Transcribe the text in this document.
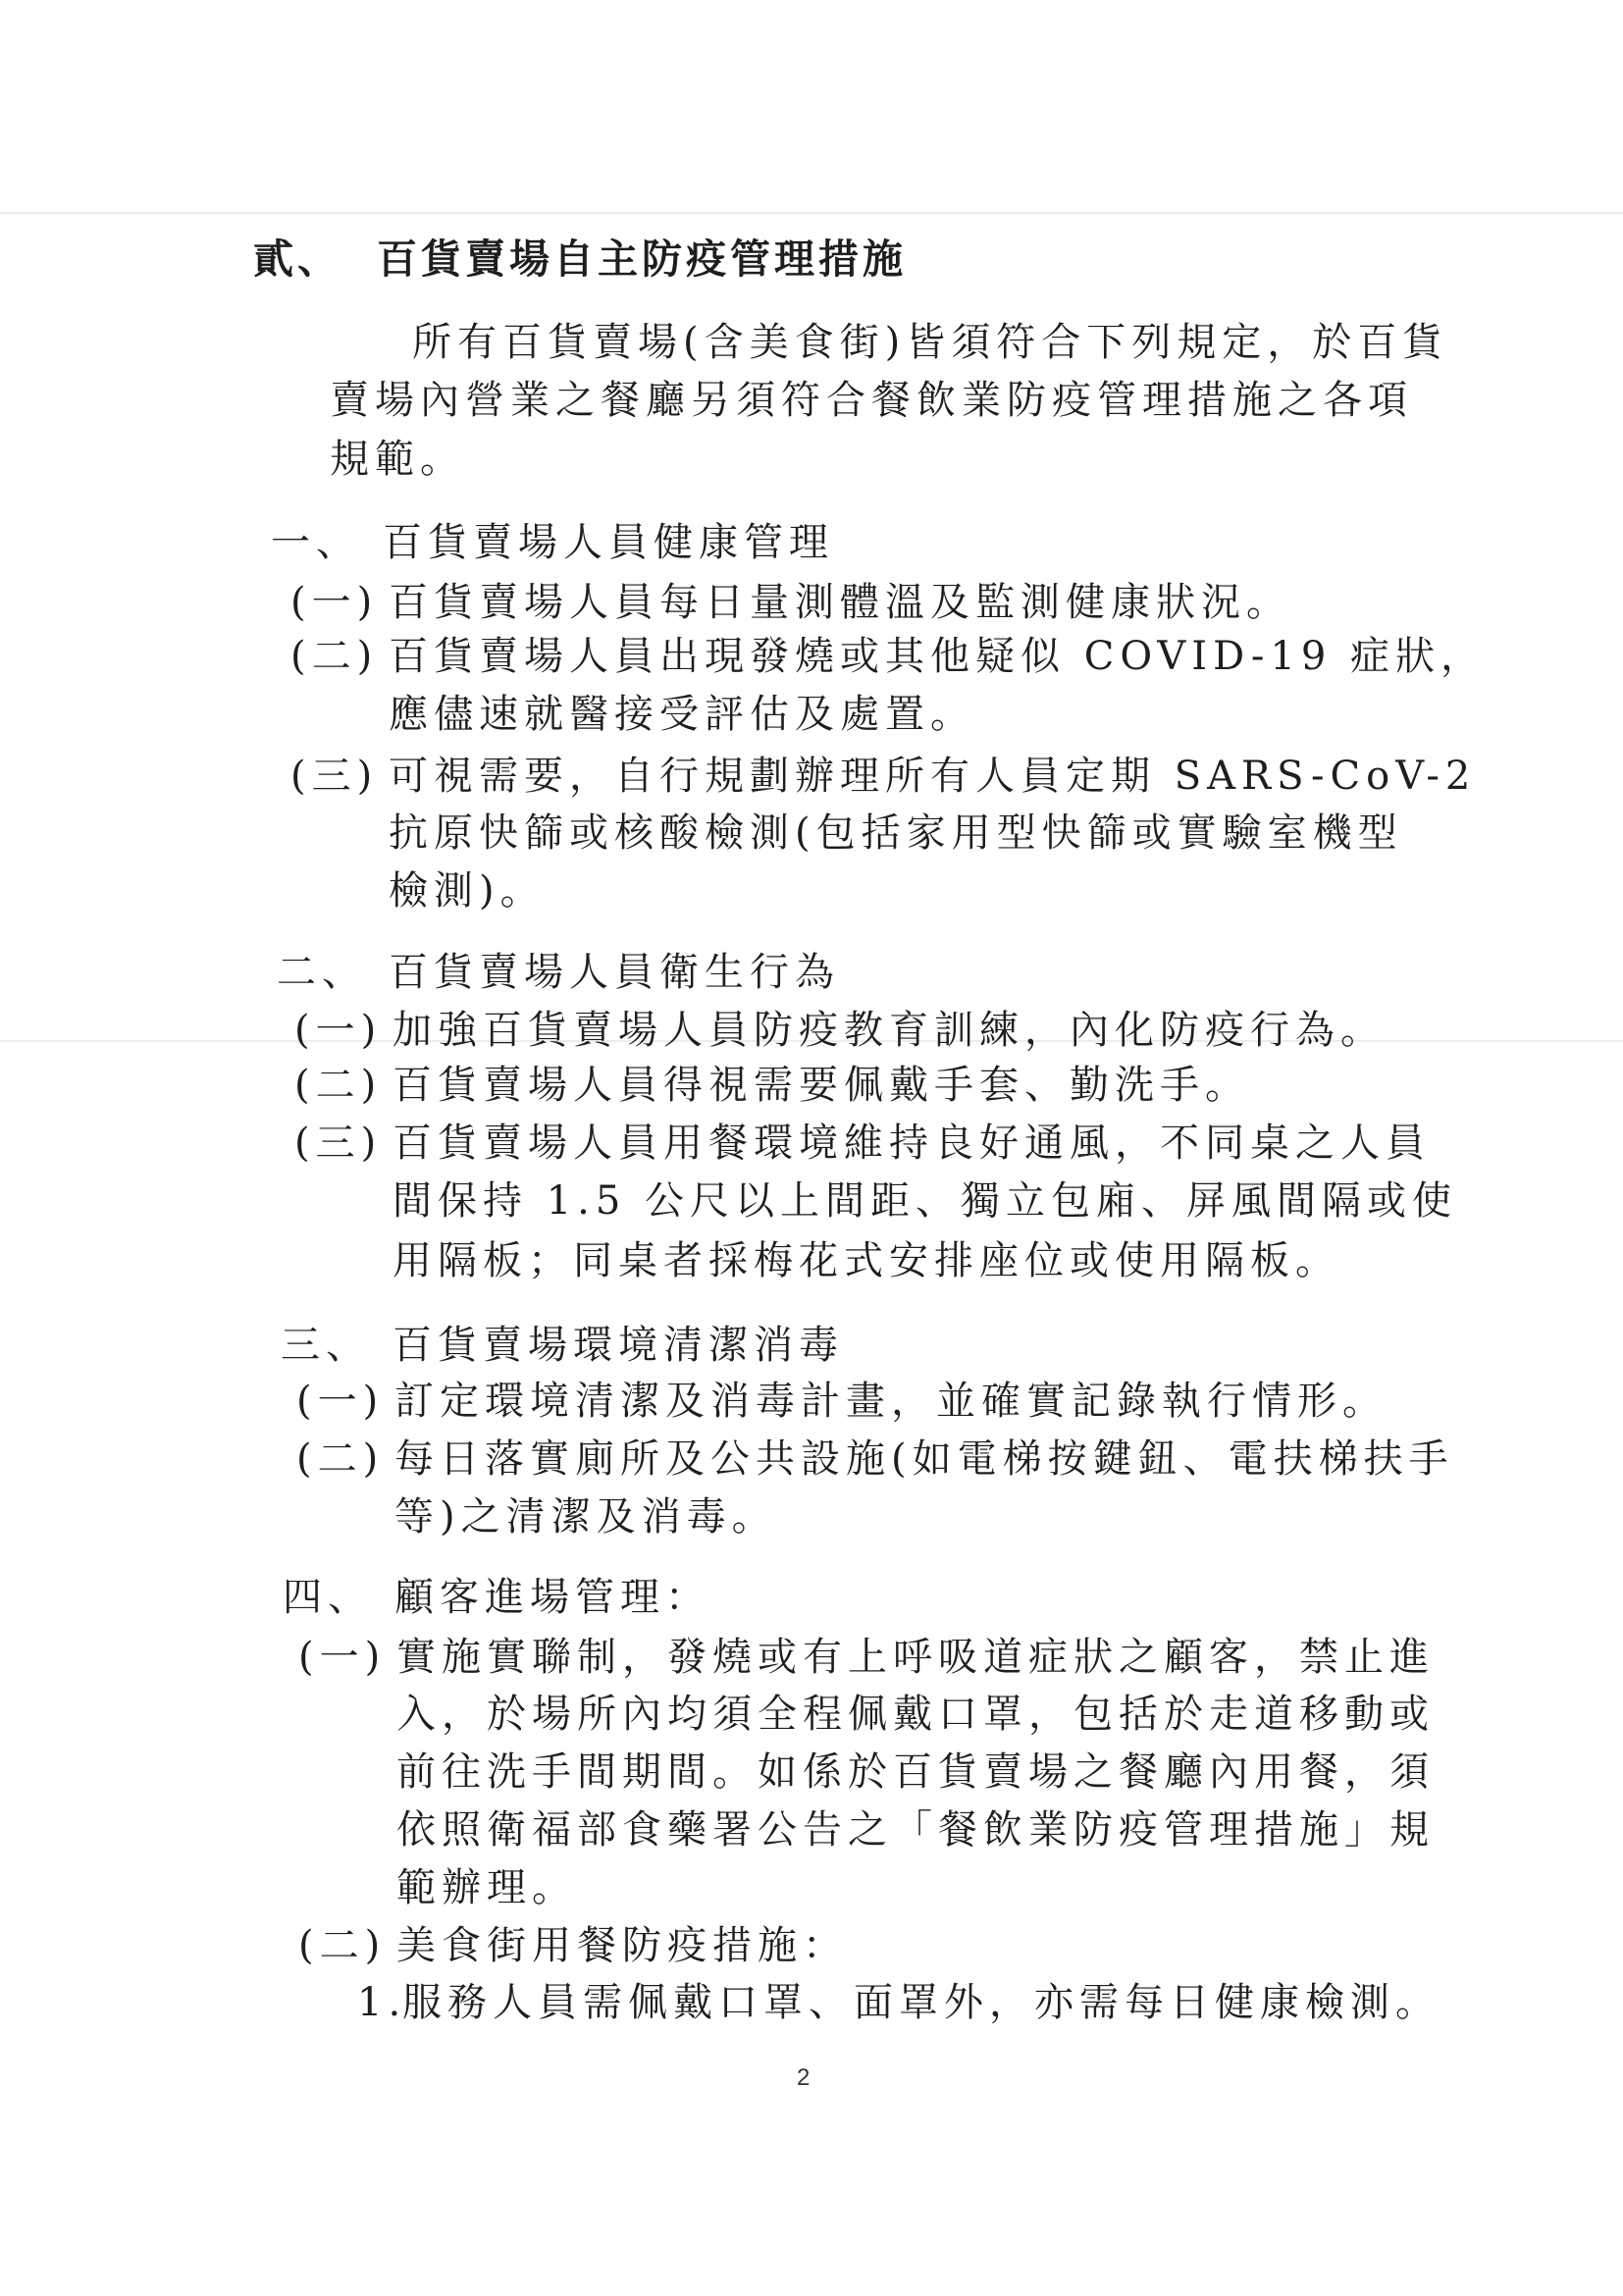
貳、 百貨賣場自主防疫管理措施
所有百貨賣場(含美食街)皆須符合下列規定，於百貨
賣場內營業之餐廳另須符合餐飲業防疫管理措施之各項
規範。
一、 百貨賣場人員健康管理
(一) 百貨賣場人員每日量測體溫及監測健康狀況。
(二) 百貨賣場人員出現發燒或其他疑似 COVID-19 症狀，
應儘速就醫接受評估及處置。
(三) 可視需要，自行規劃辦理所有人員定期 SARS-CoV-2
抗原快篩或核酸檢測(包括家用型快篩或實驗室機型
檢測)。
二、 百貨賣場人員衛生行為
(一) 加強百貨賣場人員防疫教育訓練，內化防疫行為。
(二) 百貨賣場人員得視需要佩戴手套、勤洗手。
(三) 百貨賣場人員用餐環境維持良好通風，不同桌之人員
間保持 1.5 公尺以上間距、獨立包廂、屏風間隔或使
用隔板；同桌者採梅花式安排座位或使用隔板。
三、 百貨賣場環境清潔消毒
(一) 訂定環境清潔及消毒計畫，並確實記錄執行情形。
(二) 每日落實廁所及公共設施(如電梯按鍵鈕、電扶梯扶手
等)之清潔及消毒。
四、 顧客進場管理：
(一) 實施實聯制，發燒或有上呼吸道症狀之顧客，禁止進
入，於場所內均須全程佩戴口罩，包括於走道移動或
前往洗手間期間。如係於百貨賣場之餐廳內用餐，須
依照衛福部食藥署公告之「餐飲業防疫管理措施」規
範辦理。
(二) 美食街用餐防疫措施：
1.
服務人員需佩戴口罩、面罩外，亦需每日健康檢測。
2
